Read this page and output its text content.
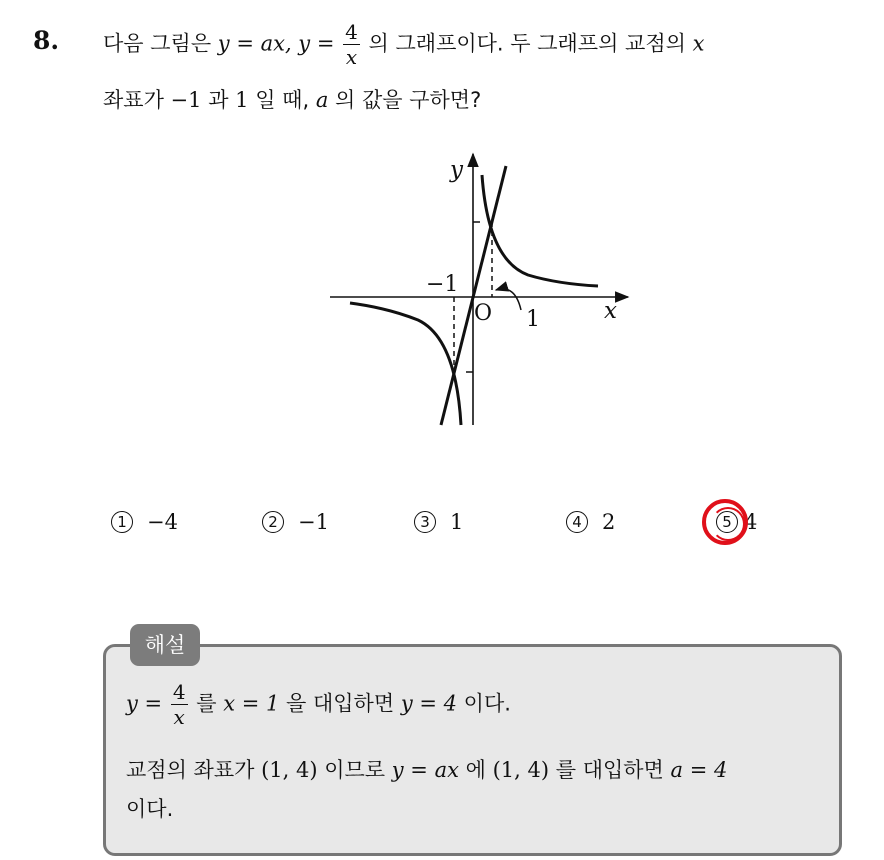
8. 다음 그림은 y = ax, $y = \frac{4}{x}$ 의 그래프이다. 두 그래프의 교점의 x
좌표가 −1 과 1 일 때, a 의 값을 구하면?
y
x
O
−1
1
1 −4	2 −1	3 1	4 2	5 4
해설
$y = \frac{4}{x}$ 를 x = 1 을 대입하면 y = 4 이다.
교점의 좌표가 (1, 4) 이므로 y = ax 에 (1, 4) 를 대입하면 a = 4
이다.
